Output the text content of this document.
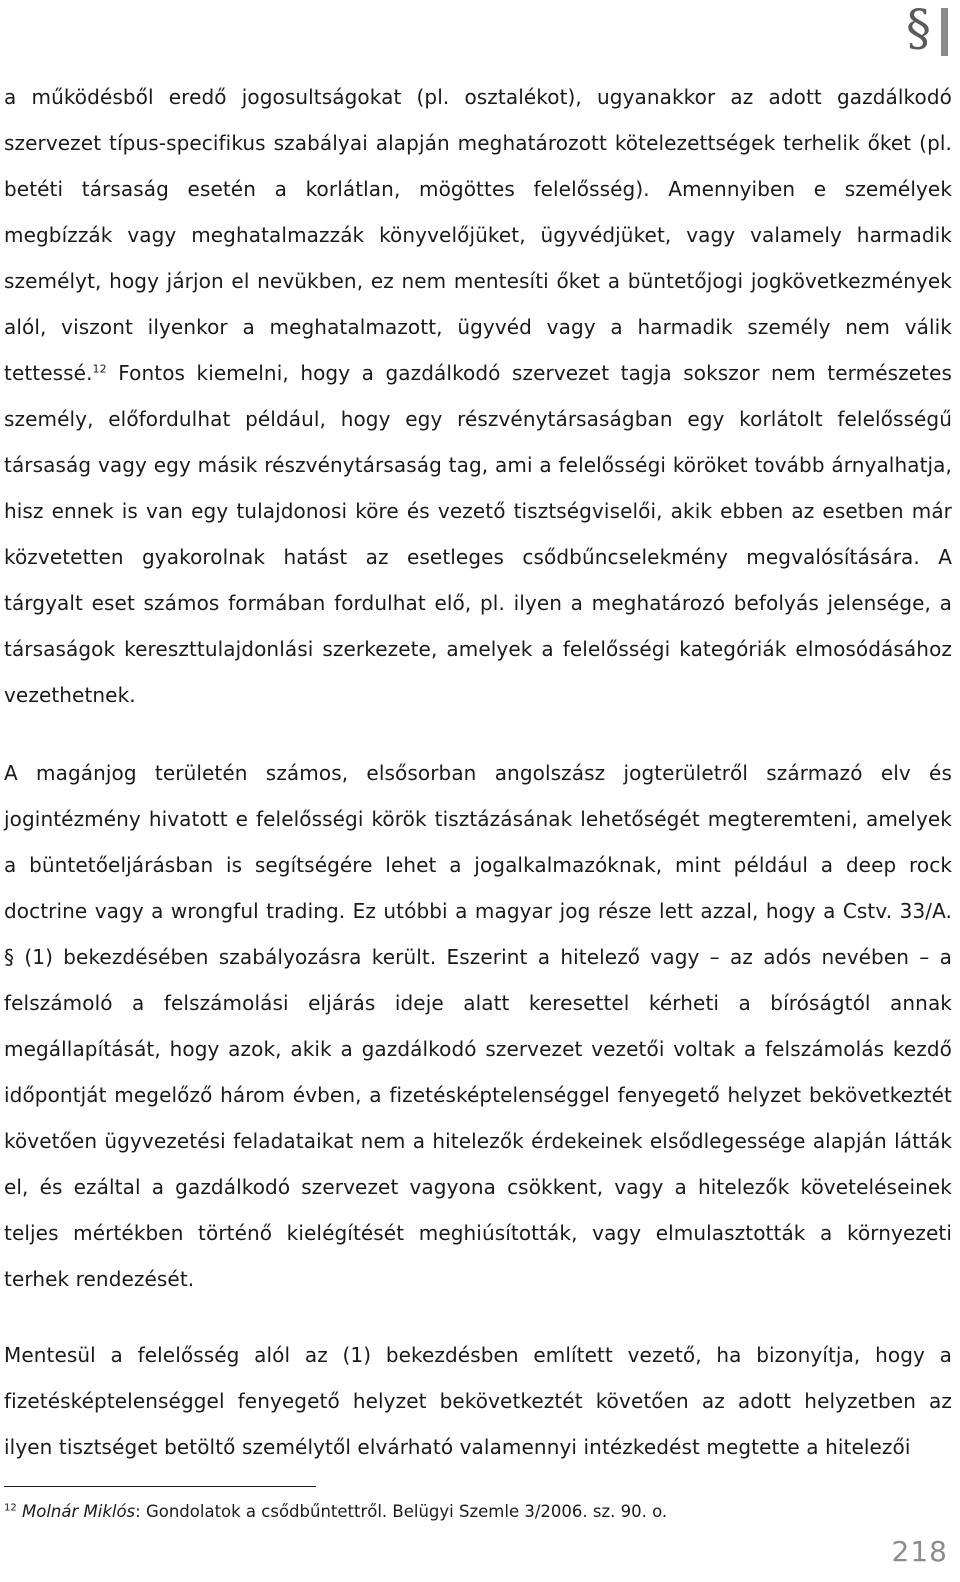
§

a működésből eredő jogosultságokat (pl. osztalékot), ugyanakkor az adott gazdálkodó szervezet típus-specifikus szabályai alapján meghatározott kötelezettségek terhelik őket (pl. betéti társaság esetén a korlátlan, mögöttes felelősség). Amennyiben e személyek megbízzák vagy meghatalmazzák könyvelőjüket, ügyvédjüket, vagy valamely harmadik személyt, hogy járjon el nevükben, ez nem mentesíti őket a büntetőjogi jogkövetkezmények alól, viszont ilyenkor a meghatalmazott, ügyvéd vagy a harmadik személy nem válik tettessé.$^{12}$ Fontos kiemelni, hogy a gazdálkodó szervezet tagja sokszor nem természetes személy, előfordulhat például, hogy egy részvénytársaságban egy korlátolt felelősségű társaság vagy egy másik részvénytársaság tag, ami a felelősségi köröket tovább árnyalhatja, hisz ennek is van egy tulajdonosi köre és vezető tisztségviselői, akik ebben az esetben már közvetetten gyakorolnak hatást az esetleges csődbűncselekmény megvalósítására. A tárgyalt eset számos formában fordulhat elő, pl. ilyen a meghatározó befolyás jelensége, a társaságok kereszttulajdonlási szerkezete, amelyek a felelősségi kategóriák elmosódásához vezethetnek.

A magánjog területén számos, elsősorban angolszász jogterületről származó elv és jogintézmény hivatott e felelősségi körök tisztázásának lehetőségét megteremteni, amelyek a büntetőeljárásban is segítségére lehet a jogalkalmazóknak, mint például a deep rock doctrine vagy a wrongful trading. Ez utóbbi a magyar jog része lett azzal, hogy a Cstv. 33/A. § (1) bekezdésében szabályozásra került. Eszerint a hitelező vagy – az adós nevében – a felszámoló a felszámolási eljárás ideje alatt keresettel kérheti a bíróságtól annak megállapítását, hogy azok, akik a gazdálkodó szervezet vezetői voltak a felszámolás kezdő időpontját megelőző három évben, a fizetésképtelenséggel fenyegető helyzet bekövetkeztét követően ügyvezetési feladataikat nem a hitelezők érdekeinek elsődlegessége alapján látták el, és ezáltal a gazdálkodó szervezet vagyona csökkent, vagy a hitelezők követeléseinek teljes mértékben történő kielégítését meghiúsították, vagy elmulasztották a környezeti terhek rendezését.

Mentesül a felelősség alól az (1) bekezdésben említett vezető, ha bizonyítja, hogy a fizetésképtelenséggel fenyegető helyzet bekövetkeztét követően az adott helyzetben az ilyen tisztséget betöltő személytől elvárható valamennyi intézkedést megtette a hitelezői

$^{12}$ Molnár Miklós: Gondolatok a csődbűntettről. Belügyi Szemle 3/2006. sz. 90. o.
218
